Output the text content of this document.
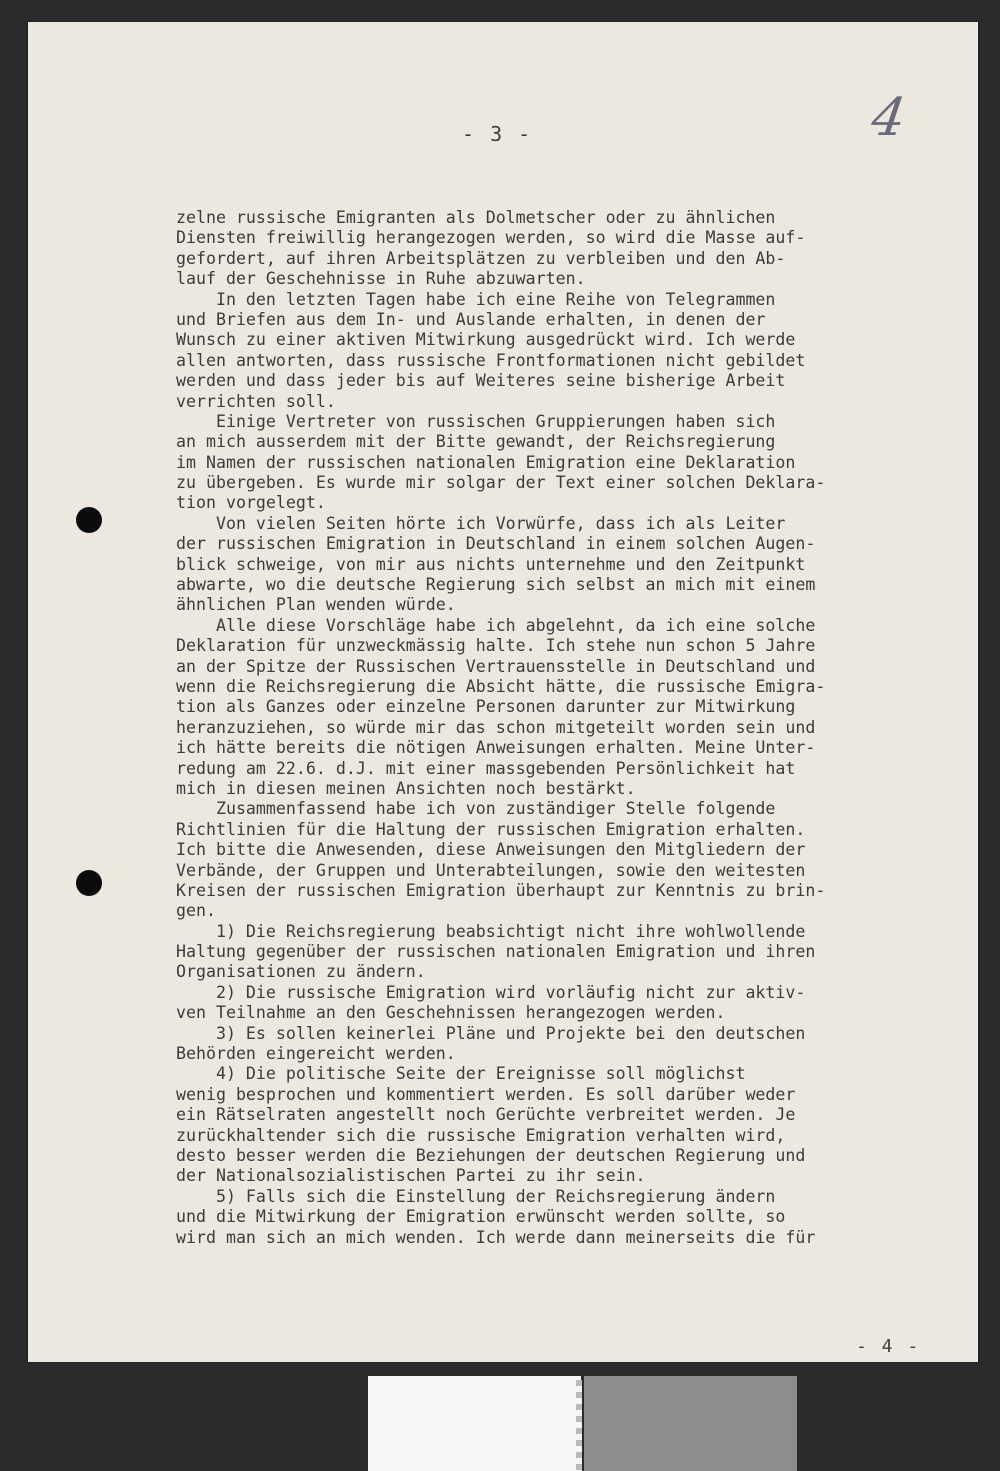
- 3 -	4
zelne russische Emigranten als Dolmetscher oder zu ähnlichen
Diensten freiwillig herangezogen werden, so wird die Masse auf-
gefordert, auf ihren Arbeitsplätzen zu verbleiben und den Ab-
lauf der Geschehnisse in Ruhe abzuwarten.
In den letzten Tagen habe ich eine Reihe von Telegrammen
und Briefen aus dem In- und Auslande erhalten, in denen der
Wunsch zu einer aktiven Mitwirkung ausgedrückt wird. Ich werde
allen antworten, dass russische Frontformationen nicht gebildet
werden und dass jeder bis auf Weiteres seine bisherige Arbeit
verrichten soll.
Einige Vertreter von russischen Gruppierungen haben sich
an mich ausserdem mit der Bitte gewandt, der Reichsregierung
im Namen der russischen nationalen Emigration eine Deklaration
zu übergeben. Es wurde mir solgar der Text einer solchen Deklara-
tion vorgelegt.
Von vielen Seiten hörte ich Vorwürfe, dass ich als Leiter
der russischen Emigration in Deutschland in einem solchen Augen-
blick schweige, von mir aus nichts unternehme und den Zeitpunkt
abwarte, wo die deutsche Regierung sich selbst an mich mit einem
ähnlichen Plan wenden würde.
Alle diese Vorschläge habe ich abgelehnt, da ich eine solche
Deklaration für unzweckmässig halte. Ich stehe nun schon 5 Jahre
an der Spitze der Russischen Vertrauensstelle in Deutschland und
wenn die Reichsregierung die Absicht hätte, die russische Emigra-
tion als Ganzes oder einzelne Personen darunter zur Mitwirkung
heranzuziehen, so würde mir das schon mitgeteilt worden sein und
ich hätte bereits die nötigen Anweisungen erhalten. Meine Unter-
redung am 22.6. d.J. mit einer massgebenden Persönlichkeit hat
mich in diesen meinen Ansichten noch bestärkt.
Zusammenfassend habe ich von zuständiger Stelle folgende
Richtlinien für die Haltung der russischen Emigration erhalten.
Ich bitte die Anwesenden, diese Anweisungen den Mitgliedern der
Verbände, der Gruppen und Unterabteilungen, sowie den weitesten
Kreisen der russischen Emigration überhaupt zur Kenntnis zu brin-
gen.
1) Die Reichsregierung beabsichtigt nicht ihre wohlwollende
Haltung gegenüber der russischen nationalen Emigration und ihren
Organisationen zu ändern.
2) Die russische Emigration wird vorläufig nicht zur aktiv-
ven Teilnahme an den Geschehnissen herangezogen werden.
3) Es sollen keinerlei Pläne und Projekte bei den deutschen
Behörden eingereicht werden.
4) Die politische Seite der Ereignisse soll möglichst
wenig besprochen und kommentiert werden. Es soll darüber weder
ein Rätselraten angestellt noch Gerüchte verbreitet werden. Je
zurückhaltender sich die russische Emigration verhalten wird,
desto besser werden die Beziehungen der deutschen Regierung und
der Nationalsozialistischen Partei zu ihr sein.
5) Falls sich die Einstellung der Reichsregierung ändern
und die Mitwirkung der Emigration erwünscht werden sollte, so
wird man sich an mich wenden. Ich werde dann meinerseits die für
- 4 -
